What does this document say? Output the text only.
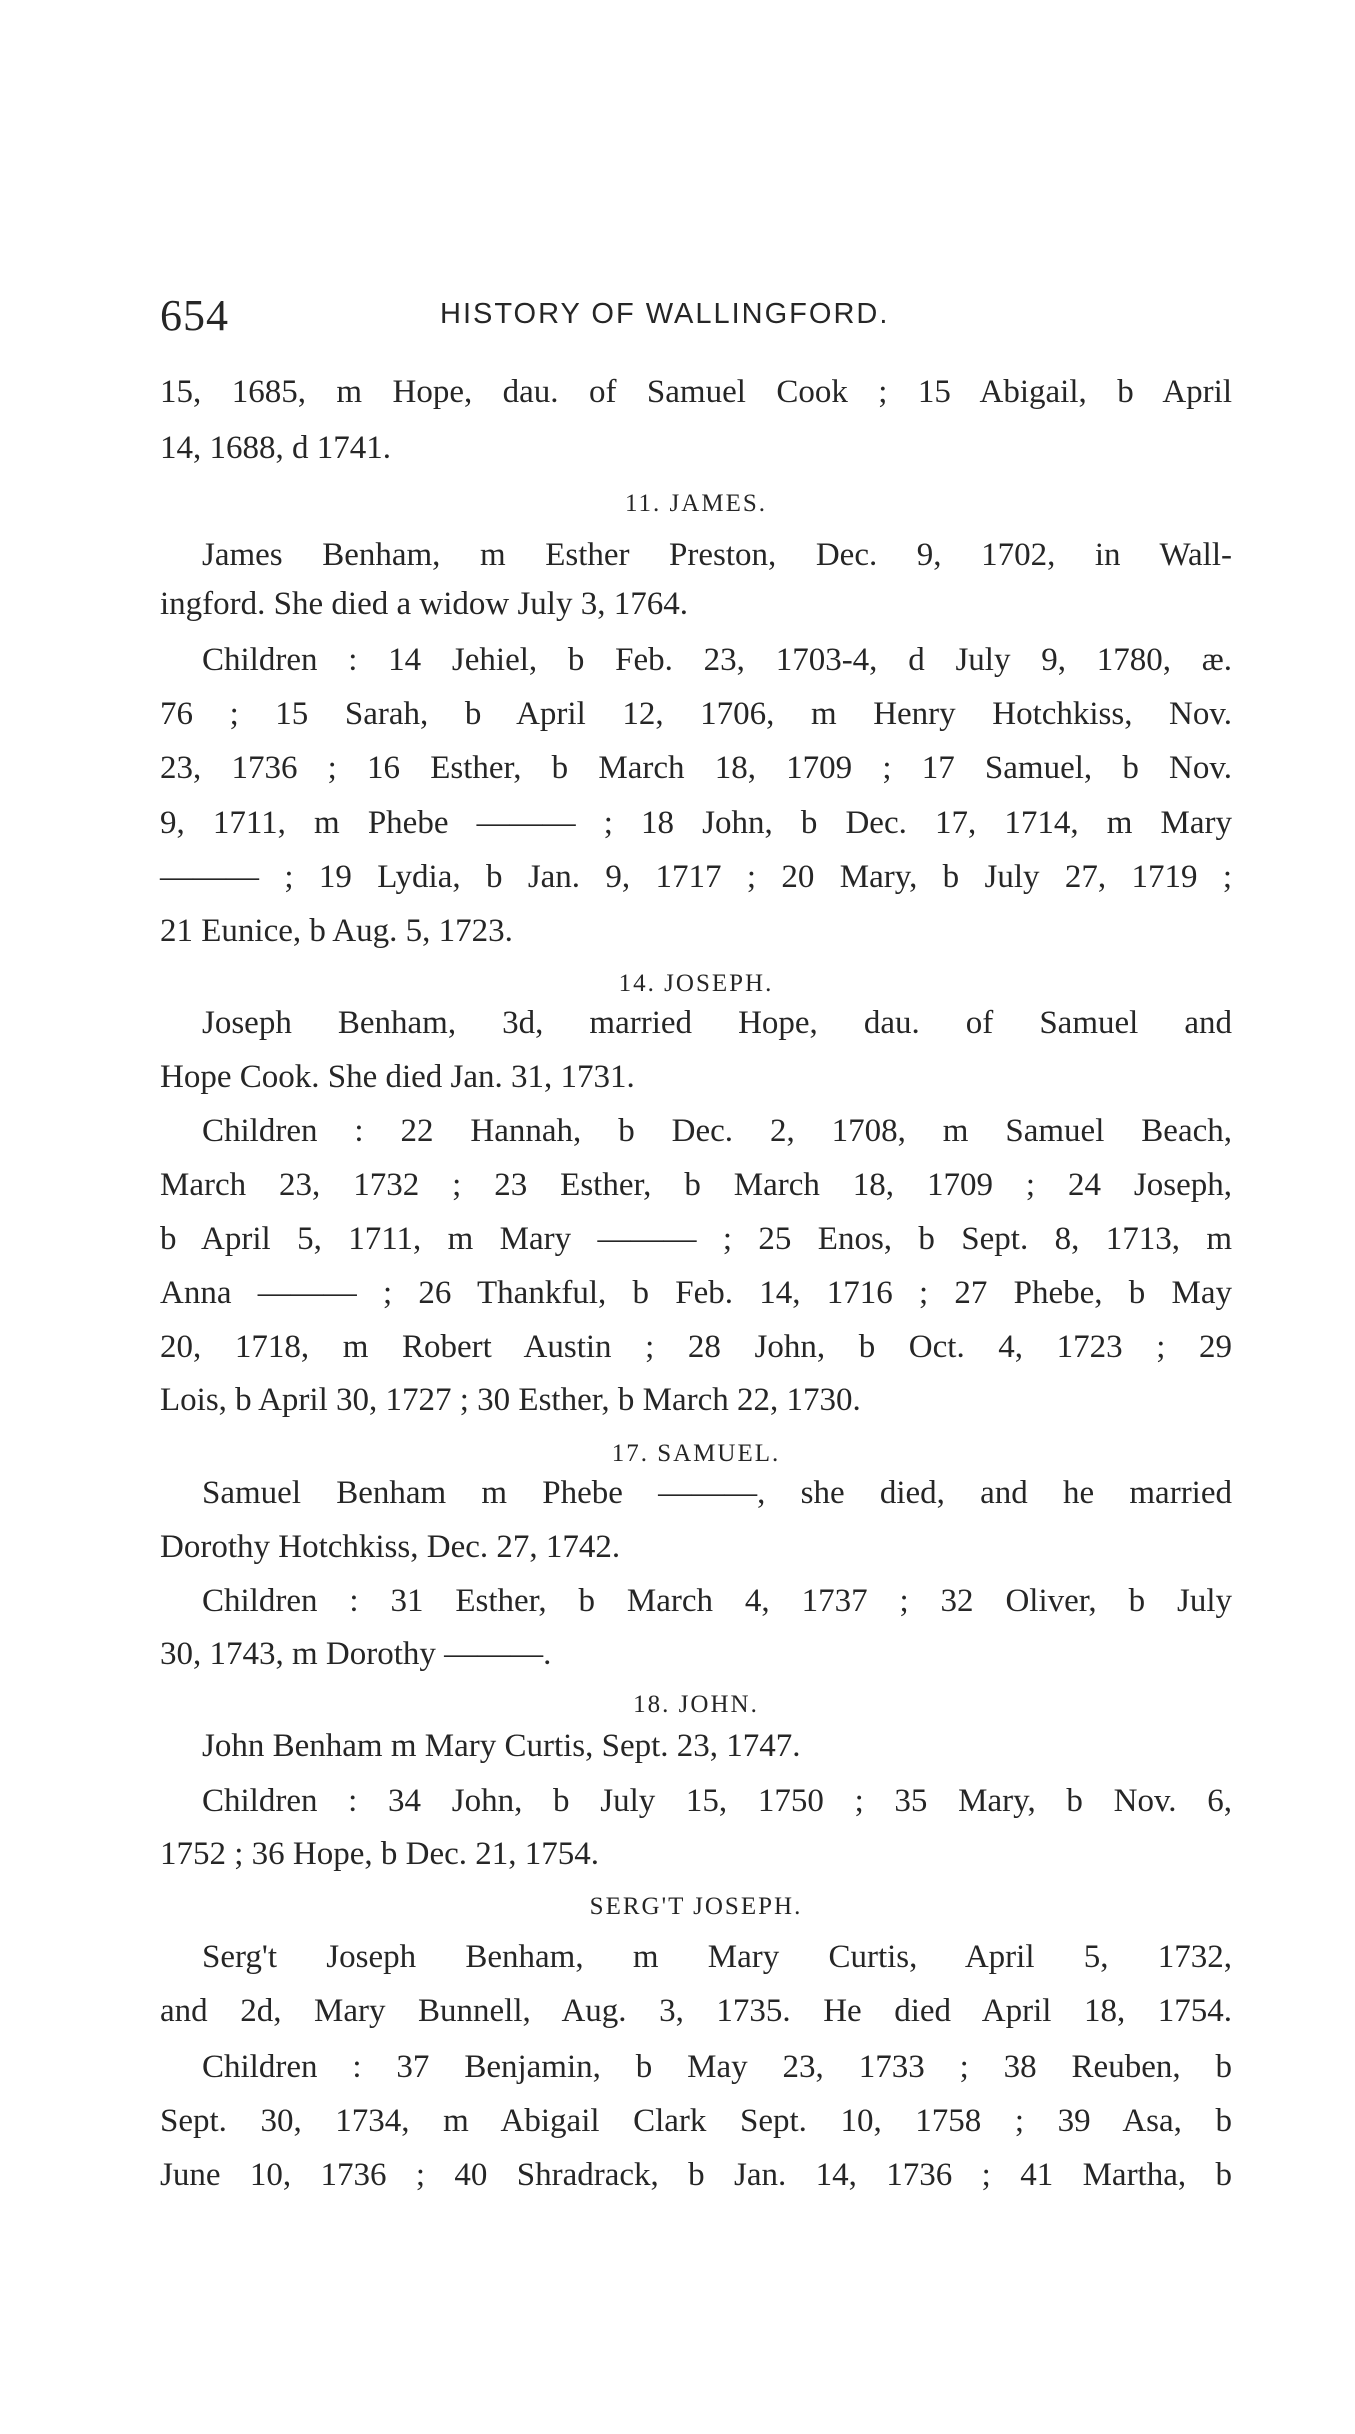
654	HISTORY OF WALLINGFORD.
15, 1685, m Hope, dau. of Samuel Cook ; 15 Abigail, b April
14, 1688, d 1741.
11. JAMES.
James Benham, m Esther Preston, Dec. 9, 1702, in Wall-
ingford. She died a widow July 3, 1764.
Children : 14 Jehiel, b Feb. 23, 1703-4, d July 9, 1780, æ.
76 ; 15 Sarah, b April 12, 1706, m Henry Hotchkiss, Nov.
23, 1736 ; 16 Esther, b March 18, 1709 ; 17 Samuel, b Nov.
9, 1711, m Phebe ——— ; 18 John, b Dec. 17, 1714, m Mary
——— ; 19 Lydia, b Jan. 9, 1717 ; 20 Mary, b July 27, 1719 ;
21 Eunice, b Aug. 5, 1723.
14. JOSEPH.
Joseph Benham, 3d, married Hope, dau. of Samuel and
Hope Cook. She died Jan. 31, 1731.
Children : 22 Hannah, b Dec. 2, 1708, m Samuel Beach,
March 23, 1732 ; 23 Esther, b March 18, 1709 ; 24 Joseph,
b April 5, 1711, m Mary ——— ; 25 Enos, b Sept. 8, 1713, m
Anna ——— ; 26 Thankful, b Feb. 14, 1716 ; 27 Phebe, b May
20, 1718, m Robert Austin ; 28 John, b Oct. 4, 1723 ; 29
Lois, b April 30, 1727 ; 30 Esther, b March 22, 1730.
17. SAMUEL.
Samuel Benham m Phebe ———, she died, and he married
Dorothy Hotchkiss, Dec. 27, 1742.
Children : 31 Esther, b March 4, 1737 ; 32 Oliver, b July
30, 1743, m Dorothy ———.
18. JOHN.
John Benham m Mary Curtis, Sept. 23, 1747.
Children : 34 John, b July 15, 1750 ; 35 Mary, b Nov. 6,
1752 ; 36 Hope, b Dec. 21, 1754.
SERG'T JOSEPH.
Serg't Joseph Benham, m Mary Curtis, April 5, 1732,
and 2d, Mary Bunnell, Aug. 3, 1735. He died April 18, 1754.
Children : 37 Benjamin, b May 23, 1733 ; 38 Reuben, b
Sept. 30, 1734, m Abigail Clark Sept. 10, 1758 ; 39 Asa, b
June 10, 1736 ; 40 Shradrack, b Jan. 14, 1736 ; 41 Martha, b
